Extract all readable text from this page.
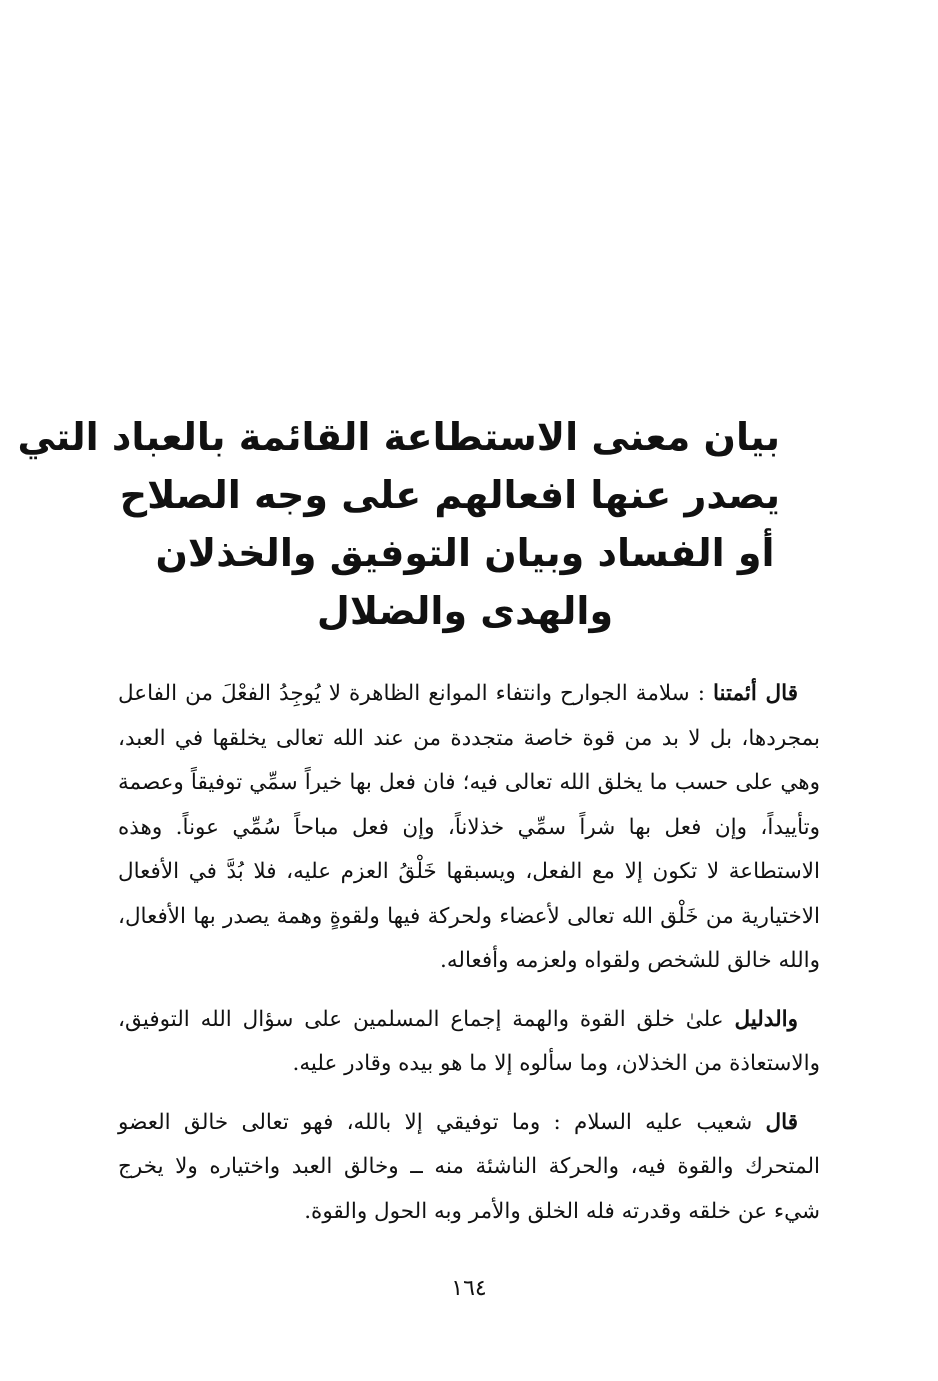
بيان معنى الاستطاعة القائمة بالعباد التي
يصدر عنها افعالهم على وجه الصلاح
أو الفساد وبيان التوفيق والخذلان
والهدى والضلال

قال أئمتنا : سلامة الجوارح وانتفاء الموانع الظاهرة لا يُوجِدُ الفعْلَ من الفاعل بمجردها، بل لا بد من قوة خاصة متجددة من عند الله تعالى يخلقها في العبد، وهي على حسب ما يخلق الله تعالى فيه؛ فان فعل بها خيراً سمِّي توفيقاً وعصمة وتأييداً، وإن فعل بها شراً سمِّي خذلاناً، وإن فعل مباحاً سُمِّي عوناً. وهذه الاستطاعة لا تكون إلا مع الفعل، ويسبقها خَلْقُ العزم عليه، فلا بُدَّ في الأفعال الاختيارية من خَلْق الله تعالى لأعضاء ولحركة فيها ولقوةٍ وهمة يصدر بها الأفعال، والله خالق للشخص ولقواه ولعزمه وأفعاله.

والدليل علىٰ خلق القوة والهمة إجماع المسلمين على سؤال الله التوفيق، والاستعاذة من الخذلان، وما سألوه إلا ما هو بيده وقادر عليه.

قال شعيب عليه السلام : وما توفيقي إلا بالله، فهو تعالى خالق العضو المتحرك والقوة فيه، والحركة الناشئة منه ــ وخالق العبد واختياره ولا يخرج شيء عن خلقه وقدرته فله الخلق والأمر وبه الحول والقوة.

١٦٤
